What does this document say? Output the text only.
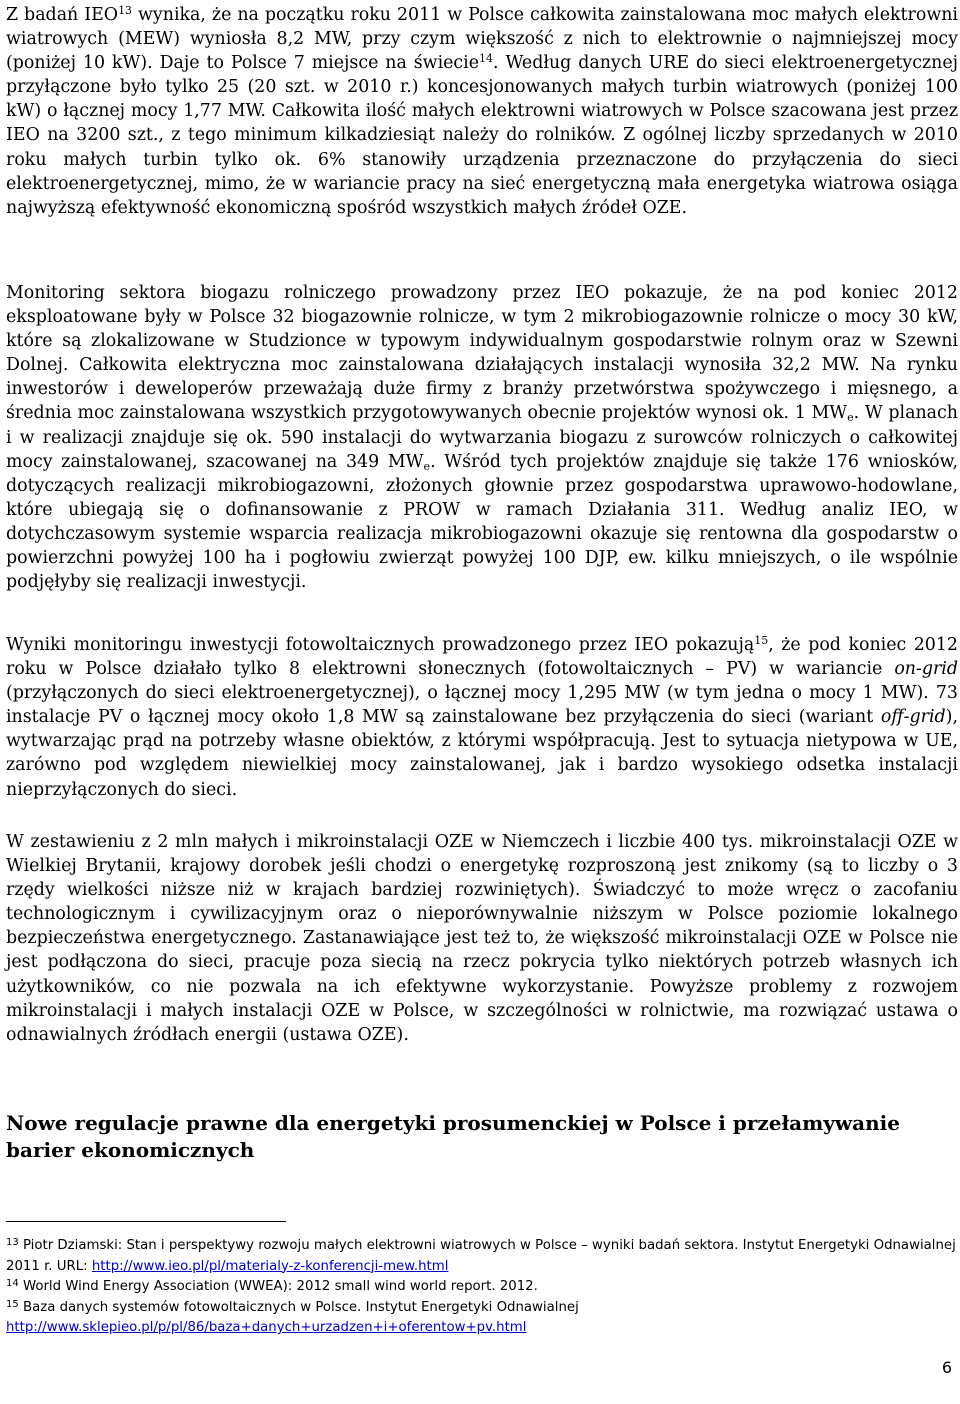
Z badań IEO$^{13}$ wynika, że na początku roku 2011 w Polsce całkowita zainstalowana moc małych elektrowni wiatrowych (MEW) wyniosła 8,2 MW, przy czym większość z nich to elektrownie o najmniejszej mocy (poniżej 10 kW). Daje to Polsce 7 miejsce na świecie$^{14}$. Według danych URE do sieci elektroenergetycznej przyłączone było tylko 25 (20 szt. w 2010 r.) koncesjonowanych małych turbin wiatrowych (poniżej 100 kW) o łącznej mocy 1,77 MW. Całkowita ilość małych elektrowni wiatrowych w Polsce szacowana jest przez IEO na 3200 szt., z tego minimum kilkadziesiąt należy do rolników. Z ogólnej liczby sprzedanych w 2010 roku małych turbin tylko ok. 6% stanowiły urządzenia przeznaczone do przyłączenia do sieci elektroenergetycznej, mimo, że w wariancie pracy na sieć energetyczną mała energetyka wiatrowa osiąga najwyższą efektywność ekonomiczną spośród wszystkich małych źródeł OZE.

Monitoring sektora biogazu rolniczego prowadzony przez IEO pokazuje, że na pod koniec 2012 eksploatowane były w Polsce 32 biogazownie rolnicze, w tym 2 mikrobiogazownie rolnicze o mocy 30 kW, które są zlokalizowane w Studzionce w typowym indywidualnym gospodarstwie rolnym oraz w Szewni Dolnej. Całkowita elektryczna moc zainstalowana działających instalacji wynosiła 32,2 MW. Na rynku inwestorów i deweloperów przeważają duże firmy z branży przetwórstwa spożywczego i mięsnego, a średnia moc zainstalowana wszystkich przygotowywanych obecnie projektów wynosi ok. 1 $MW_e$. W planach i w realizacji znajduje się ok. 590 instalacji do wytwarzania biogazu z surowców rolniczych o całkowitej mocy zainstalowanej, szacowanej na 349 $MW_e$. Wśród tych projektów znajduje się także 176 wniosków, dotyczących realizacji mikrobiogazowni, złożonych głownie przez gospodarstwa uprawowo-hodowlane, które ubiegają się o dofinansowanie z PROW w ramach Działania 311. Według analiz IEO, w dotychczasowym systemie wsparcia realizacja mikrobiogazowni okazuje się rentowna dla gospodarstw o powierzchni powyżej 100 ha i pogłowiu zwierząt powyżej 100 DJP, ew. kilku mniejszych, o ile wspólnie podjęłyby się realizacji inwestycji.

Wyniki monitoringu inwestycji fotowoltaicznych prowadzonego przez IEO pokazują$^{15}$, że pod koniec 2012 roku w Polsce działało tylko 8 elektrowni słonecznych (fotowoltaicznych – PV) w wariancie on-grid (przyłączonych do sieci elektroenergetycznej), o łącznej mocy 1,295 MW (w tym jedna o mocy 1 MW). 73 instalacje PV o łącznej mocy około 1,8 MW są zainstalowane bez przyłączenia do sieci (wariant off-grid), wytwarzając prąd na potrzeby własne obiektów, z którymi współpracują. Jest to sytuacja nietypowa w UE, zarówno pod względem niewielkiej mocy zainstalowanej, jak i bardzo wysokiego odsetka instalacji nieprzyłączonych do sieci.

W zestawieniu z 2 mln małych i mikroinstalacji OZE w Niemczech i liczbie 400 tys. mikroinstalacji OZE w Wielkiej Brytanii, krajowy dorobek jeśli chodzi o energetykę rozproszoną jest znikomy (są to liczby o 3 rzędy wielkości niższe niż w krajach bardziej rozwiniętych). Świadczyć to może wręcz o zacofaniu technologicznym i cywilizacyjnym oraz o nieporównywalnie niższym w Polsce poziomie lokalnego bezpieczeństwa energetycznego. Zastanawiające jest też to, że większość mikroinstalacji OZE w Polsce nie jest podłączona do sieci, pracuje poza siecią na rzecz pokrycia tylko niektórych potrzeb własnych ich użytkowników, co nie pozwala na ich efektywne wykorzystanie. Powyższe problemy z rozwojem mikroinstalacji i małych instalacji OZE w Polsce, w szczególności w rolnictwie, ma rozwiązać ustawa o odnawialnych źródłach energii (ustawa OZE).

Nowe regulacje prawne dla energetyki prosumenckiej w Polsce i przełamywanie barier ekonomicznych

$^{13}$ Piotr Dziamski: Stan i perspektywy rozwoju małych elektrowni wiatrowych w Polsce – wyniki badań sektora. Instytut Energetyki Odnawialnej 2011 r. URL: http://www.ieo.pl/pl/materialy-z-konferencji-mew.html

$^{14}$ World Wind Energy Association (WWEA): 2012 small wind world report. 2012.

$^{15}$ Baza danych systemów fotowoltaicznych w Polsce. Instytut Energetyki Odnawialnej
http://www.sklepieo.pl/p/pl/86/baza+danych+urzadzen+i+oferentow+pv.html

6
